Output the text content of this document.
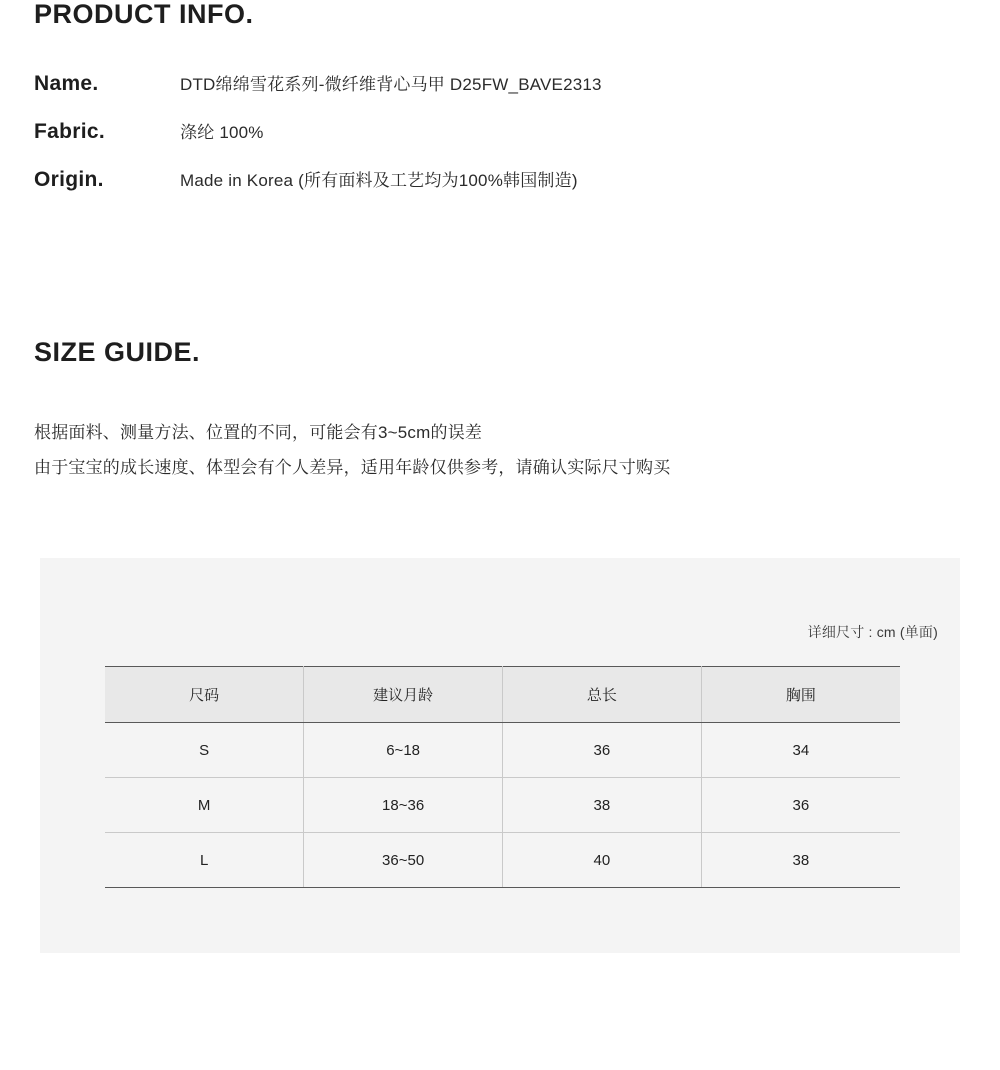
PRODUCT INFO.
Name.	DTD绵绵雪花系列-微纤维背心马甲 D25FW_BAVE2313
Fabric.	涤纶 100%
Origin.	Made in Korea (所有面料及工艺均为100%韩国制造)
SIZE GUIDE.
根据面料、测量方法、位置的不同，可能会有3~5cm的误差
由于宝宝的成长速度、体型会有个人差异，适用年龄仅供参考，请确认实际尺寸购买
详细尺寸 : cm (单面)
尺码	建议月龄	总长	胸围
S	6~18	36	34
M	18~36	38	36
L	36~50	40	38
